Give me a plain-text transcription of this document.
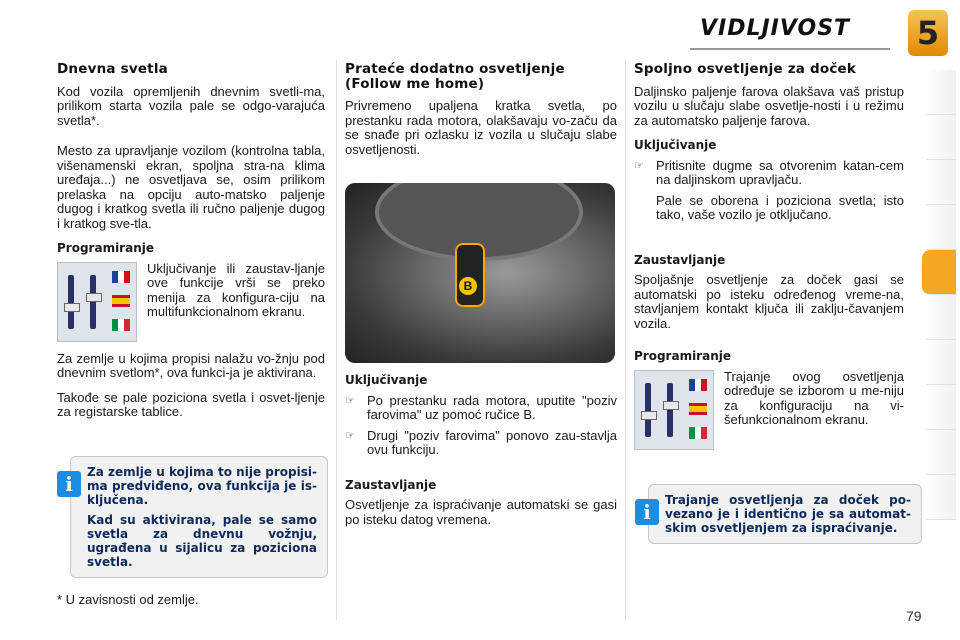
VIDLJIVOST 5
Dnevna svetla

Kod vozila opremljenih dnevnim svetli-ma, prilikom starta vozila pale se odgo-varajuća svetla*.

Mesto za upravljanje vozilom (kontrolna tabla, višenamenski ekran, spoljna stra-na klima uređaja...) ne osvetljava se, osim prilikom prelaska na opciju auto-matsko paljenje dugog i kratkog svetla ili ručno paljenje dugog i kratkog sve-tla.

Programiranje
Uključivanje ili zaustav-ljanje ove funkcije vrši se preko menija za konfigura-ciju na multifunkcionalnom ekranu.

Za zemlje u kojima propisi nalažu vo-žnju pod dnevnim svetlom*, ova funkci-ja je aktivirana.

Takođe se pale poziciona svetla i osvet-ljenje za registarske tablice.

i	Za zemlje u kojima to nije propisi-ma predviđeno, ova funkcija je is-ključena.

Kad su aktivirana, pale se samo svetla za dnevnu vožnju, ugrađena u sijalicu za poziciona svetla.

* U zavisnosti od zemlje.
Prateće dodatno osvetljenje (Follow me home)

Privremeno upaljena kratka svetla, po prestanku rada motora, olakšavaju vo-začu da se snađe pri ozlasku iz vozila u slučaju slabe osvetljenosti.

B
Uključivanje
☞ Po prestanku rada motora, uputite "poziv farovima" uz pomoć ručice B.
☞ Drugi "poziv farovima" ponovo zau-stavlja ovu funkciju.
Zaustavljanje

Osvetljenje za ispraćivanje automatski se gasi po isteku datog vremena.

Spoljno osvetljenje za doček

Daljinsko paljenje farova olakšava vaš pristup vozilu u slučaju slabe osvetlje-nosti i u režimu za automatsko paljenje farova.

Uključivanje
☞ Pritisnite dugme sa otvorenim katan-cem na daljinskom upravljaču.

Pale se oborena i poziciona svetla; isto tako, vaše vozilo je otključano.

Zaustavljanje

Spoljašnje osvetljenje za doček gasi se automatski po isteku određenog vreme-na, stavljanjem kontakt ključa ili zaklju-čavanjem vozila.

Programiranje
Trajanje ovog osvetljenja određuje se izborom u me-niju za konfiguraciju na vi-šefunkcionalnom ekranu.
i	Trajanje osvetljenja za doček po-vezano je i identično je sa automat-skim osvetljenjem za ispraćivanje.

79
